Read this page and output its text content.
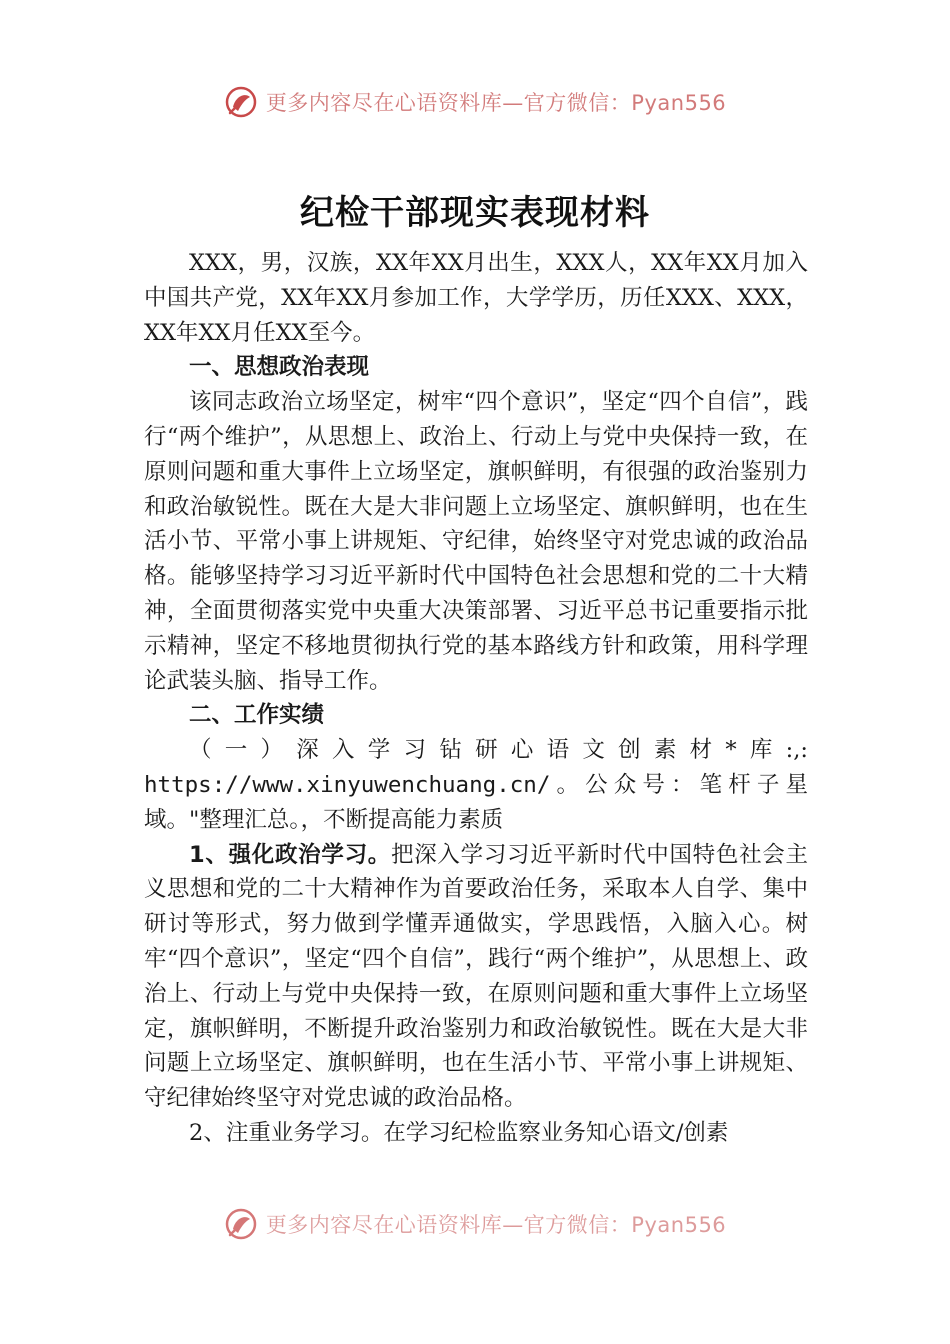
更多内容尽在心语资料库—官方微信：Pyan556
纪检干部现实表现材料

XXX，男，汉族，XX年XX月出生，XXX人，XX年XX月加入中国共产党，XX年XX月参加工作，大学学历，历任XXX、XXX，XX年XX月任XX至今。

一、思想政治表现

该同志政治立场坚定，树牢“四个意识”，坚定“四个自信”，践行“两个维护”，从思想上、政治上、行动上与党中央保持一致，在原则问题和重大事件上立场坚定，旗帜鲜明，有很强的政治鉴别力和政治敏锐性。既在大是大非问题上立场坚定、旗帜鲜明，也在生活小节、平常小事上讲规矩、守纪律，始终坚守对党忠诚的政治品格。能够坚持学习习近平新时代中国特色社会思想和党的二十大精神，全面贯彻落实党中央重大决策部署、习近平总书记重要指示批示精神，坚定不移地贯彻执行党的基本路线方针和政策，用科学理论武装头脑、指导工作。

二、工作实绩

（一）深入学习钻研心语文创素材*库:,: https://www.xinyuwenchuang.cn/。公众号：笔杆子星域。"整理汇总。，不断提高能力素质

1、强化政治学习。把深入学习习近平新时代中国特色社会主义思想和党的二十大精神作为首要政治任务，采取本人自学、集中研讨等形式，努力做到学懂弄通做实，学思践悟，入脑入心。树牢“四个意识”，坚定“四个自信”，践行“两个维护”，从思想上、政治上、行动上与党中央保持一致，在原则问题和重大事件上立场坚定，旗帜鲜明，不断提升政治鉴别力和政治敏锐性。既在大是大非问题上立场坚定、旗帜鲜明，也在生活小节、平常小事上讲规矩、守纪律始终坚守对党忠诚的政治品格。

2、注重业务学习。在学习纪检监察业务知心语文/创素

更多内容尽在心语资料库—官方微信：Pyan556
